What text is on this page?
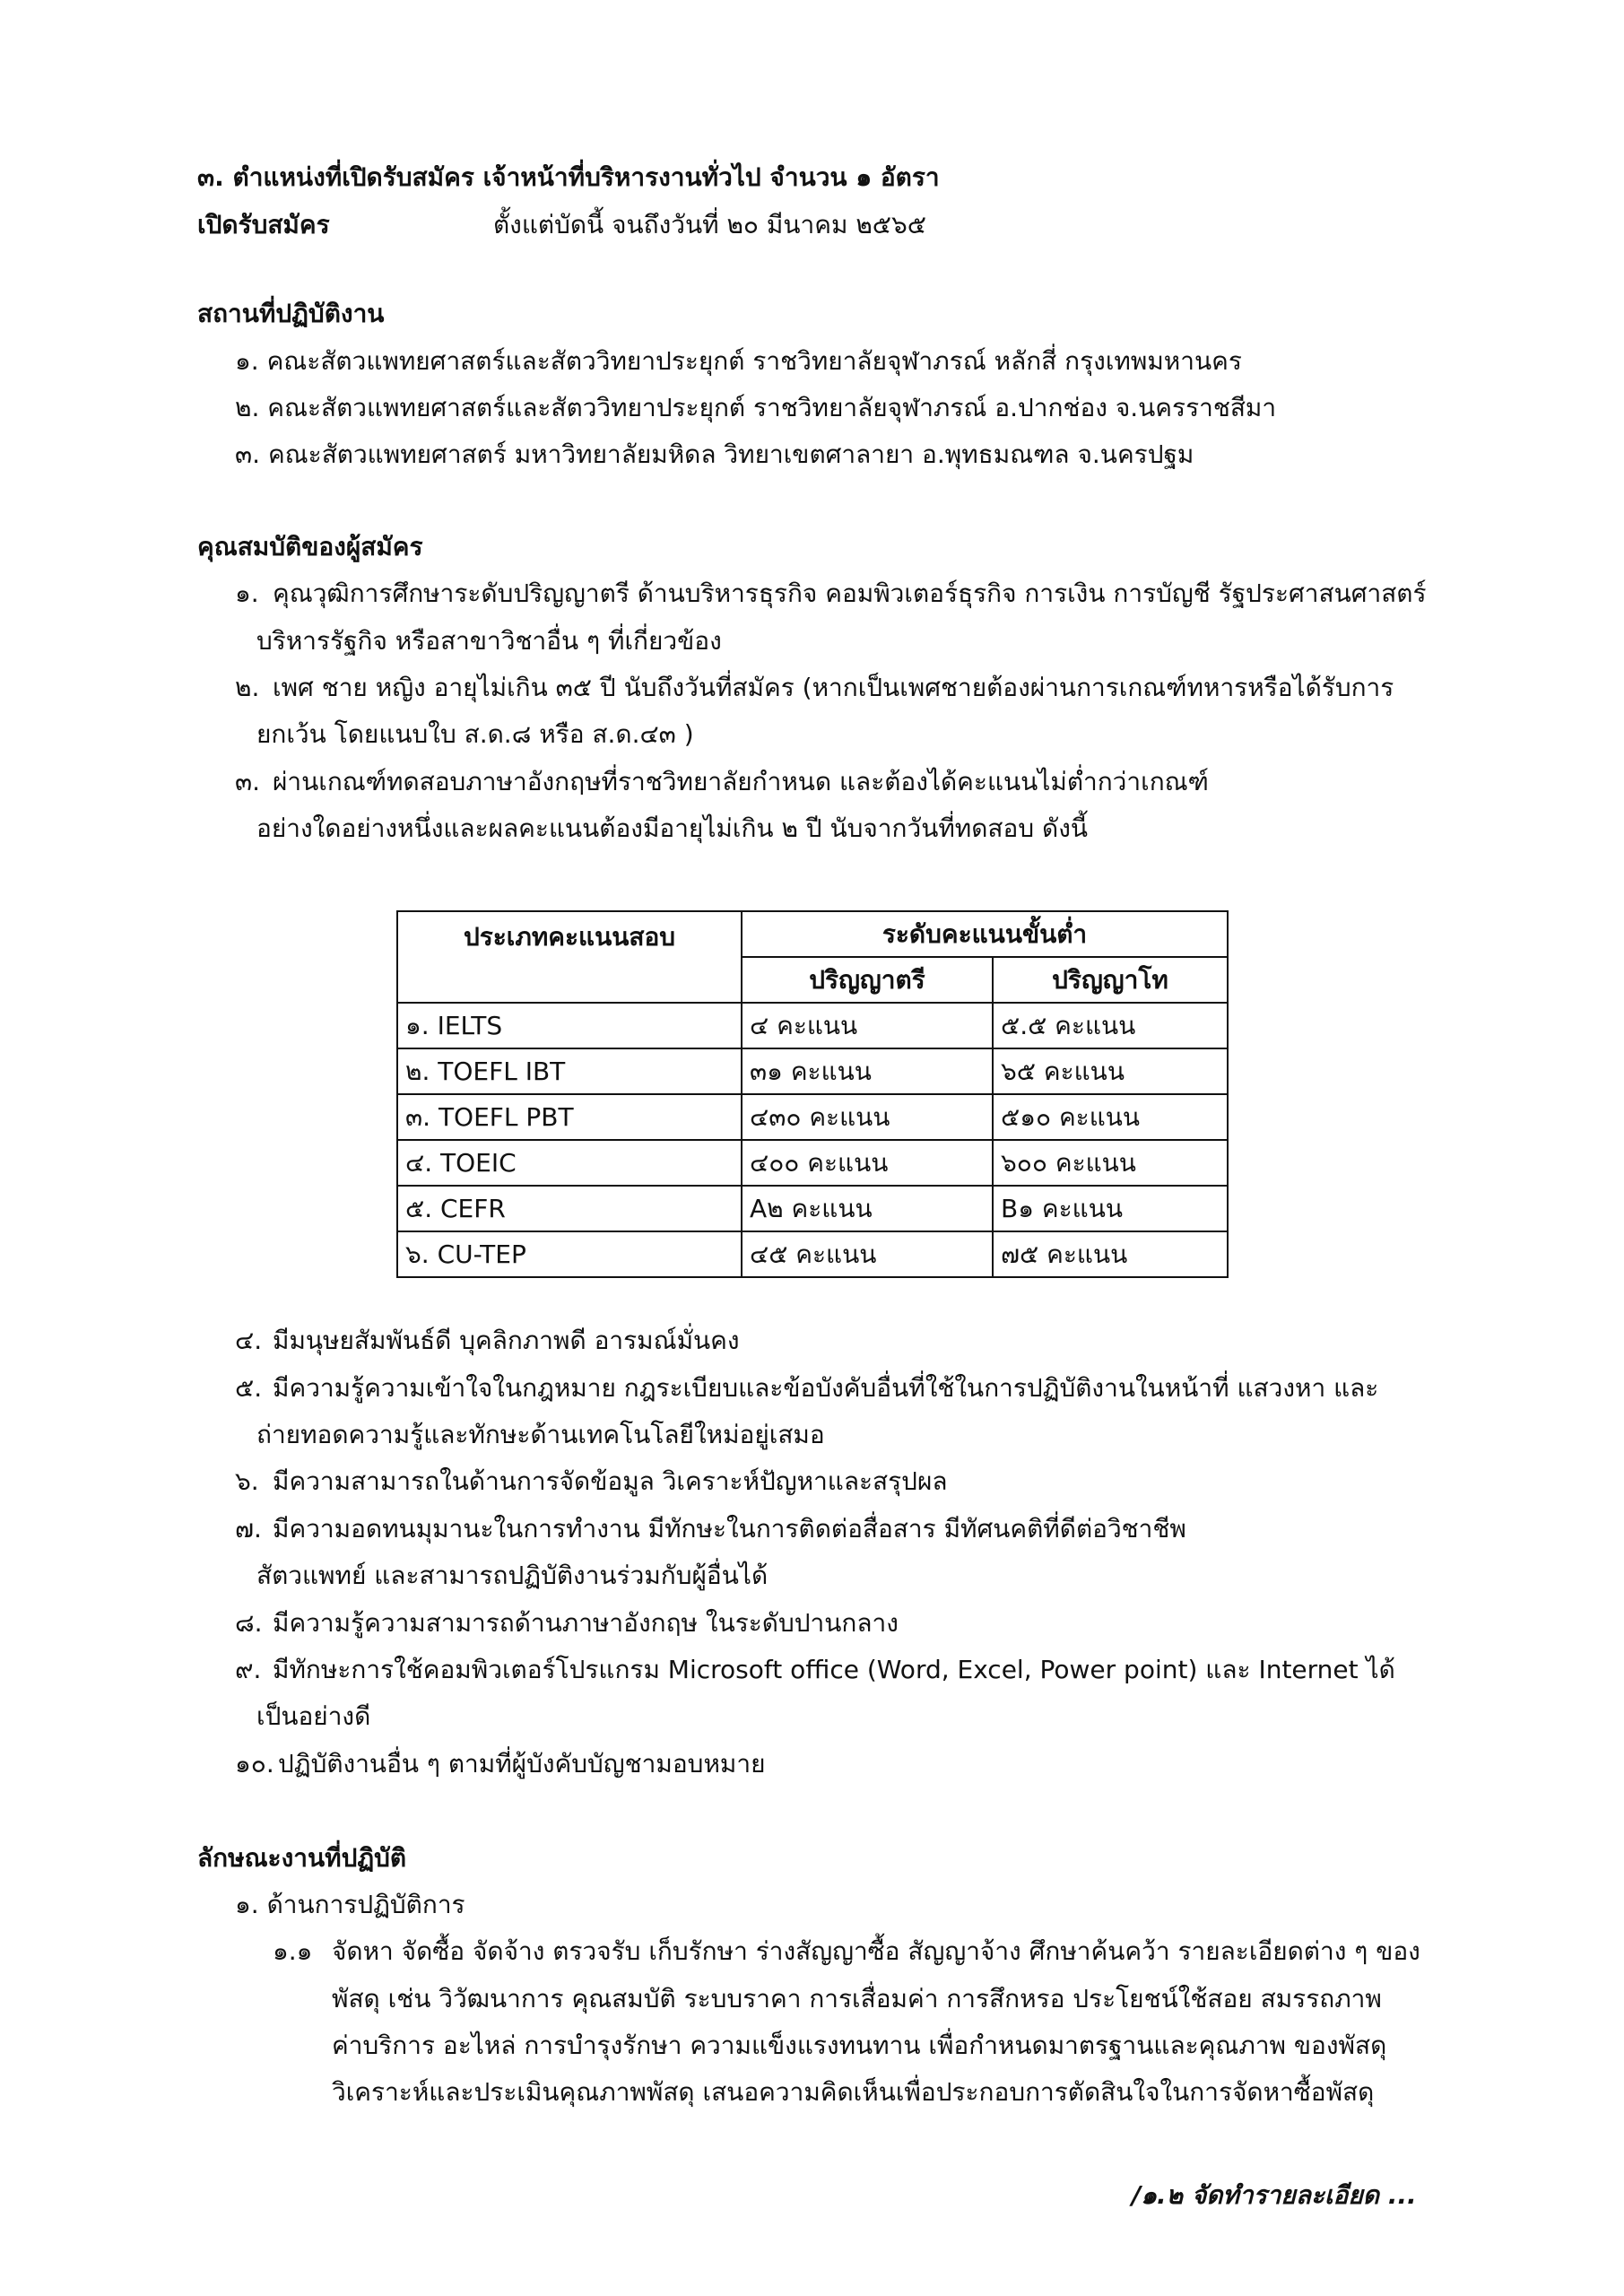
๓. ตำแหน่งที่เปิดรับสมัคร เจ้าหน้าที่บริหารงานทั่วไป จำนวน ๑ อัตรา
เปิดรับสมัคร	ตั้งแต่บัดนี้ จนถึงวันที่ ๒๐ มีนาคม ๒๕๖๕
สถานที่ปฏิบัติงาน
๑. คณะสัตวแพทยศาสตร์และสัตววิทยาประยุกต์ ราชวิทยาลัยจุฬาภรณ์ หลักสี่ กรุงเทพมหานคร
๒. คณะสัตวแพทยศาสตร์และสัตววิทยาประยุกต์ ราชวิทยาลัยจุฬาภรณ์ อ.ปากช่อง จ.นครราชสีมา
๓. คณะสัตวแพทยศาสตร์ มหาวิทยาลัยมหิดล วิทยาเขตศาลายา อ.พุทธมณฑล จ.นครปฐม
คุณสมบัติของผู้สมัคร
๑. คุณวุฒิการศึกษาระดับปริญญาตรี ด้านบริหารธุรกิจ คอมพิวเตอร์ธุรกิจ การเงิน การบัญชี รัฐประศาสนศาสตร์
บริหารรัฐกิจ หรือสาขาวิชาอื่น ๆ ที่เกี่ยวข้อง
๒. เพศ ชาย หญิง อายุไม่เกิน ๓๕ ปี นับถึงวันที่สมัคร (หากเป็นเพศชายต้องผ่านการเกณฑ์ทหารหรือได้รับการ
ยกเว้น โดยแนบใบ ส.ด.๘ หรือ ส.ด.๔๓ )
๓. ผ่านเกณฑ์ทดสอบภาษาอังกฤษที่ราชวิทยาลัยกำหนด และต้องได้คะแนนไม่ต่ำกว่าเกณฑ์
อย่างใดอย่างหนึ่งและผลคะแนนต้องมีอายุไม่เกิน ๒ ปี นับจากวันที่ทดสอบ ดังนี้
ประเภทคะแนนสอบ	ระดับคะแนนขั้นต่ำ	
	ปริญญาตรี	ปริญญาโท
๑. IELTS	๔ คะแนน	๕.๕ คะแนน
๒. TOEFL IBT	๓๑ คะแนน	๖๕ คะแนน
๓. TOEFL PBT	๔๓๐ คะแนน	๕๑๐ คะแนน
๔. TOEIC	๔๐๐ คะแนน	๖๐๐ คะแนน
๕. CEFR	A๒ คะแนน	B๑ คะแนน
๖. CU-TEP	๔๕ คะแนน	๗๕ คะแนน
๔. มีมนุษยสัมพันธ์ดี บุคลิกภาพดี อารมณ์มั่นคง
๕. มีความรู้ความเข้าใจในกฎหมาย กฎระเบียบและข้อบังคับอื่นที่ใช้ในการปฏิบัติงานในหน้าที่ แสวงหา และ
ถ่ายทอดความรู้และทักษะด้านเทคโนโลยีใหม่อยู่เสมอ
๖. มีความสามารถในด้านการจัดข้อมูล วิเคราะห์ปัญหาและสรุปผล
๗. มีความอดทนมุมานะในการทำงาน มีทักษะในการติดต่อสื่อสาร มีทัศนคติที่ดีต่อวิชาชีพ
สัตวแพทย์ และสามารถปฏิบัติงานร่วมกับผู้อื่นได้
๘. มีความรู้ความสามารถด้านภาษาอังกฤษ ในระดับปานกลาง
๙. มีทักษะการใช้คอมพิวเตอร์โปรแกรม Microsoft office (Word, Excel, Power point) และ Internet ได้
เป็นอย่างดี
๑๐. ปฏิบัติงานอื่น ๆ ตามที่ผู้บังคับบัญชามอบหมาย
ลักษณะงานที่ปฏิบัติ
๑. ด้านการปฏิบัติการ
๑.๑ จัดหา จัดซื้อ จัดจ้าง ตรวจรับ เก็บรักษา ร่างสัญญาซื้อ สัญญาจ้าง ศึกษาค้นคว้า รายละเอียดต่าง ๆ ของ
พัสดุ เช่น วิวัฒนาการ คุณสมบัติ ระบบราคา การเสื่อมค่า การสึกหรอ ประโยชน์ใช้สอย สมรรถภาพ
ค่าบริการ อะไหล่ การบำรุงรักษา ความแข็งแรงทนทาน เพื่อกำหนดมาตรฐานและคุณภาพ ของพัสดุ
วิเคราะห์และประเมินคุณภาพพัสดุ เสนอความคิดเห็นเพื่อประกอบการตัดสินใจในการจัดหาซื้อพัสดุ
/๑.๒ จัดทำรายละเอียด ...
